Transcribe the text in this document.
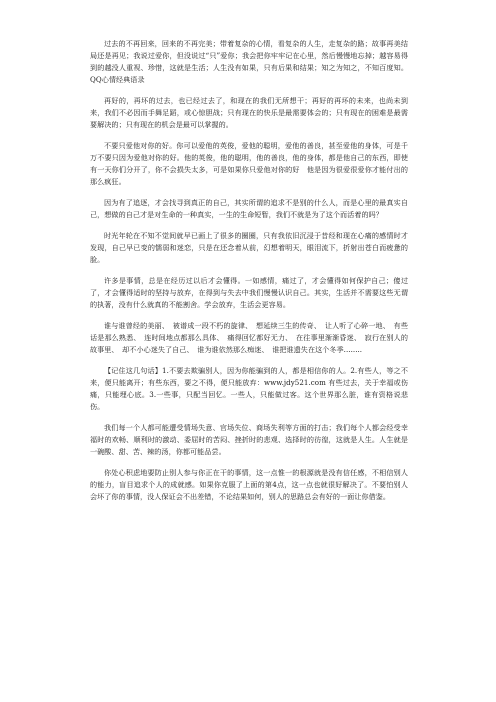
过去的不再回来，回来的不再完美；带着复杂的心情，看复杂的人生，走复杂的路；故事再美结局还是再见；我说过爱你，但没说过“只”爱你；我会把你牢牢记在心里，然后慢慢地忘掉；越容易得到的越没人重视、珍惜，这就是生活；人生没有如果，只有后果和结果；知之为知之，不知百度知。QQ心情经典语录

再好的，再坏的过去，也已经过去了，和现在的我们无所想干；再好的再坏的未来，也尚未到来，我们不必因而手舞足蹈，或心惊胆战；只有现在的快乐是最需要体会的；只有现在的困难是最需要解决的；只有现在的机会是最可以掌握的。

不要只爱他对你的好。你可以爱他的英俊，爱他的聪明，爱他的善良，甚至爱他的身体，可是千万不要只因为爱他对你的好。他的英俊，他的聪明，他的善良，他的身体，都是他自己的东西，即使有一天你们分开了，你不会损失太多，可是如果你只爱他对你的好　他是因为很爱很爱你才能付出的那么疯狂。

因为有了追逐，才会找寻到真正的自己，其实所谓的追求不是别的什么人，而是心里的最真实自己，想做的自己才是对生命的一种真实，一生的生命短暂，我们不就是为了这个而活着的吗？

时光年轮在不知不觉间就早已画上了很多的圈圈，只有我依旧沉浸于昔经和现在心痛的感情时才发现，自己早已变的懦弱和迷恋，只是在还念着从前，幻想着明天，眼泪流下，折射出苍白而疲惫的脸。

许多是事情，总是在经历过以后才会懂得。一如感情，痛过了，才会懂得如何保护自己；傻过了，才会懂得适时的坚持与放弃，在得到与失去中我们慢慢认识自己。其实，生活并不需要这些无谓的执著，没有什么就真的不能割舍。学会放弃，生活会更容易。

谁与谁曾经的美丽、　被谱成一段不朽的旋律、　想延续三生的传奇、　让人听了心碎一地、　有些话是那么熟悉、　连时间地点都那么具体、　痛得回忆都好无力、　在往事里渐渐昏迷、　寂行在别人的故事里、　却不小心迷失了自己、　谁为谁依然那么痴迷、　谁把谁遗失在这个冬季........

【记住这几句话】1.不要去欺骗别人，因为你能骗到的人，都是相信你的人。2.有些人，等之不来，便只能离开；有些东西，要之不得，便只能放弃：www.jdy521.com 有些过去，关于幸福或伤痛，只能埋心底。3.一些事，只配当回忆。一些人，只能做过客。这个世界那么脏，谁有资格说悲伤。

我们每一个人都可能遭受情场失意、官场失位、商场失利等方面的打击；我们每个人都会经受幸福时的欢畅、顺利时的激动、委屈时的苦闷、挫折时的悲观、选择时的彷徨，这就是人生。人生就是一碗酸、甜、苦、辣的汤，你都可能品尝。

你处心积虑地要防止别人参与你正在干的事情，这一点惟一的根源就是没有信任感，不相信别人的能力，盲目追求个人的成就感。如果你克服了上面的第4点，这一点也就很好解决了。不要怕别人会坏了你的事情，没人保证会不出差错，不论结果如何，别人的思路总会有好的一面让你借鉴。
